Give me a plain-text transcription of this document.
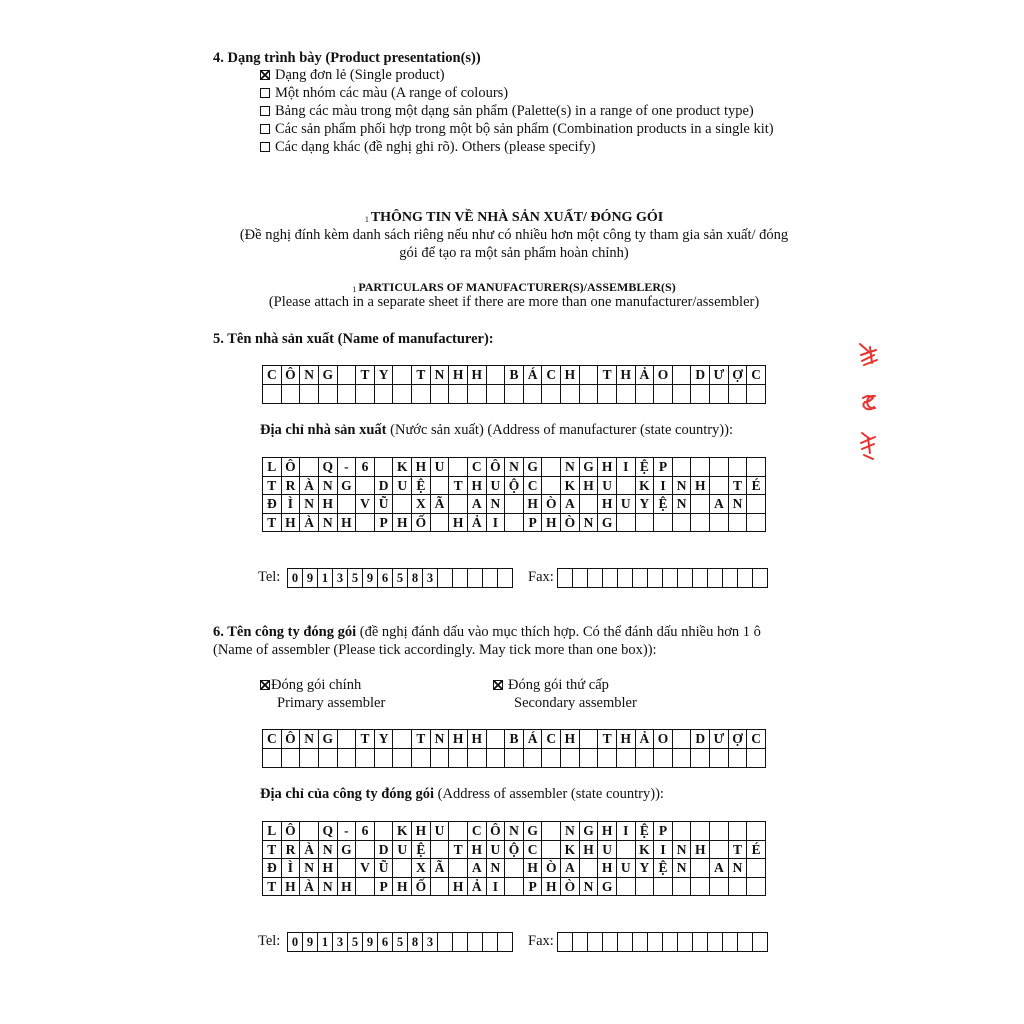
4. Dạng trình bày (Product presentation(s))
Dạng đơn lẻ (Single product)
Một nhóm các màu (A range of colours)
Bảng các màu trong một dạng sản phẩm (Palette(s) in a range of one product type)
Các sản phẩm phối hợp trong một bộ sản phẩm (Combination products in a single kit)
Các dạng khác (đề nghị ghi rõ). Others (please specify)
1 THÔNG TIN VỀ NHÀ SẢN XUẤT/ ĐÓNG GÓI
(Đề nghị đính kèm danh sách riêng nếu như có nhiều hơn một công ty tham gia sản xuất/ đóng
gói để tạo ra một sản phẩm hoàn chỉnh)
1 PARTICULARS OF MANUFACTURER(S)/ASSEMBLER(S)
(Please attach in a separate sheet if there are more than one manufacturer/assembler)
5. Tên nhà sản xuất (Name of manufacturer):
C Ô N G
	T Y
	T N H H
	B Á C H
	T H Ả O
	D Ư Ợ C
Địa chỉ nhà sản xuất (Nước sản xuất) (Address of manufacturer (state country)):
L Ô
	Q - 6
	K H U
	C Ô N G
	N G H I Ệ P
T R À N G
	D U Ệ
	T H U Ộ C
	K H U
	K I N H
	T É
Đ Ì N H
	V Ũ
	X Ã
	A N
	H Ò A
	H U Y Ệ N
	A N
T H À N H
	P H Ố
	H Ả I
	P H Ò N G
Tel: 0 9 1 3 5 9 6 5 8 3	Fax:
6. Tên công ty đóng gói (đề nghị đánh dấu vào mục thích hợp. Có thể đánh dấu nhiều hơn 1 ô
(Name of assembler (Please tick accordingly. May tick more than one box)):
Đóng gói chính
Primary assembler
Đóng gói thứ cấp
Secondary assembler
C Ô N G
	T Y
	T N H H
	B Á C H
	T H Ả O
	D Ư Ợ C
Địa chỉ của công ty đóng gói (Address of assembler (state country)):
L Ô
	Q - 6
	K H U
	C Ô N G
	N G H I Ệ P
T R À N G
	D U Ệ
	T H U Ộ C
	K H U
	K I N H
	T É
Đ Ì N H
	V Ũ
	X Ã
	A N
	H Ò A
	H U Y Ệ N
	A N
T H À N H
	P H Ố
	H Ả I
	P H Ò N G
Tel: 0 9 1 3 5 9 6 5 8 3	Fax:
